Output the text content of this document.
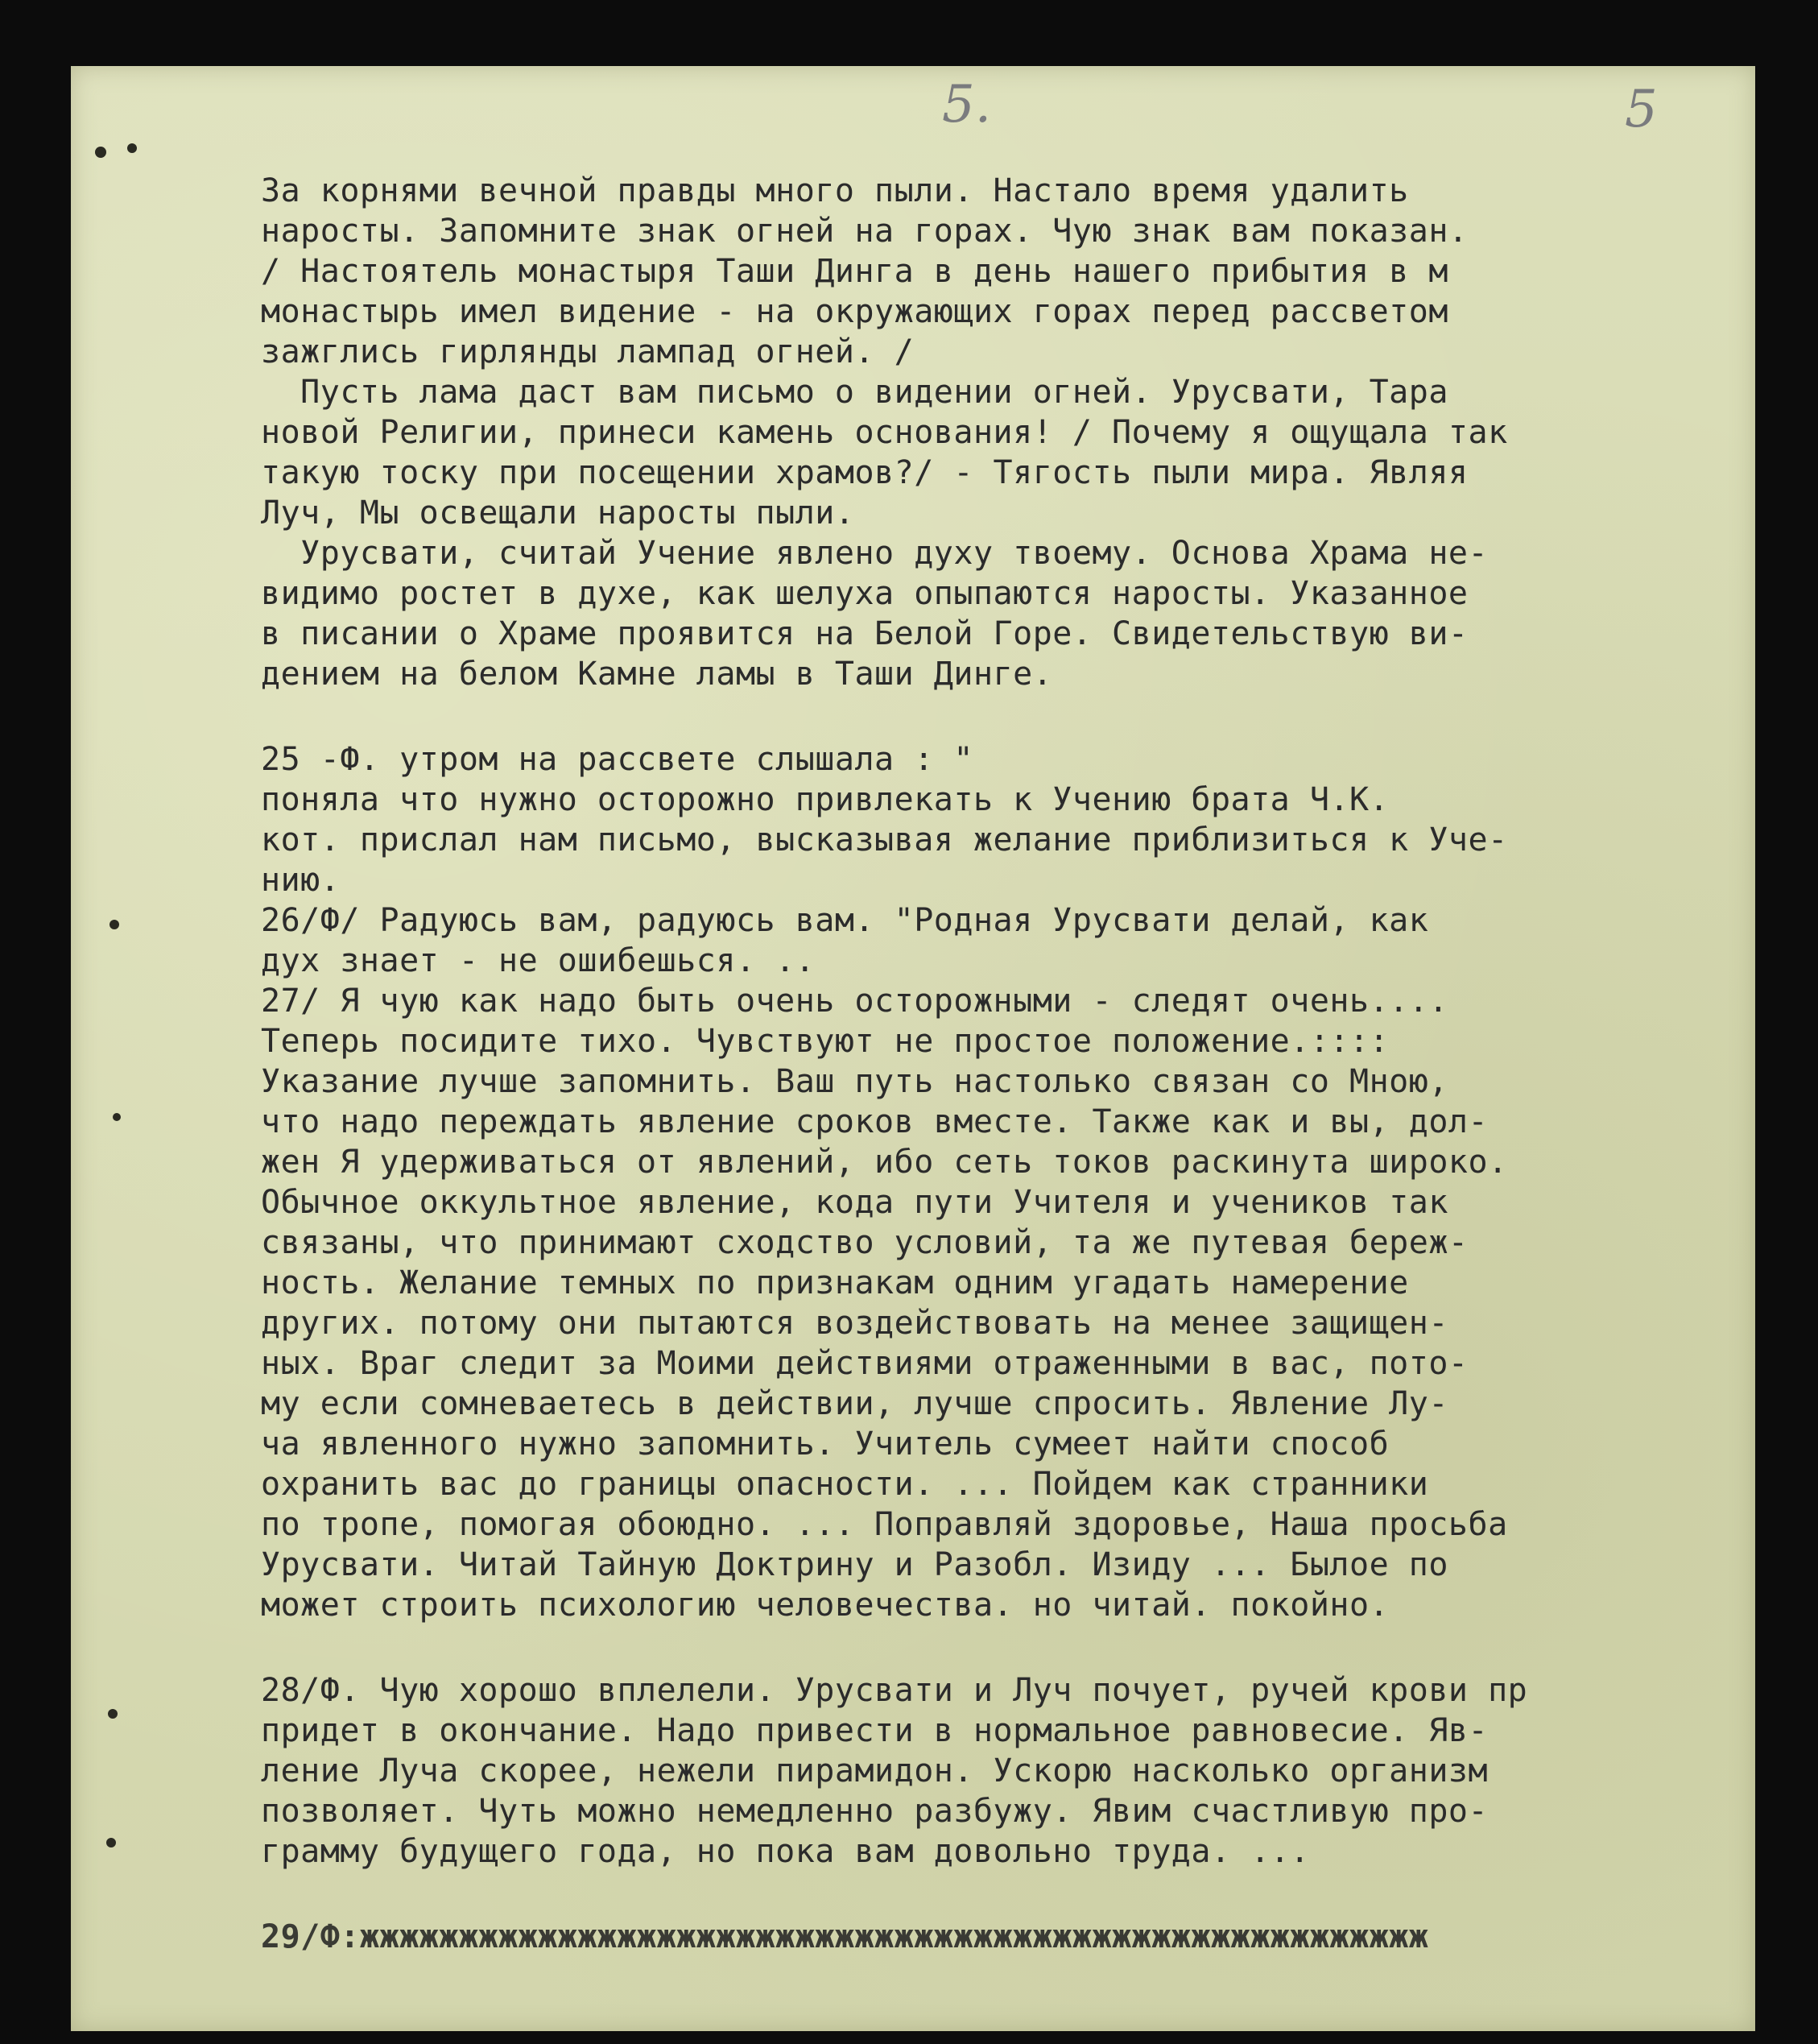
5.	5
За корнями вечной правды много пыли. Настало время удалить
наросты. Запомните знак огней на горах. Чую знак вам показан.
/ Настоятель монастыря Таши Динга в день нашего прибытия в м
монастырь имел видение - на окружающих горах перед рассветом
зажглись гирлянды лампад огней. /
Пусть лама даст вам письмо о видении огней. Урусвати, Тара
новой Религии, принеси камень основания! / Почему я ощущала так
такую тоску при посещении храмов?/ - Тягость пыли мира. Являя
Луч, Мы освещали наросты пыли.
Урусвати, считай Учение явлено духу твоему. Основа Храма не-
видимо ростет в духе, как шелуха опыпаются наросты. Указанное
в писании о Храме проявится на Белой Горе. Свидетельствую ви-
дением на белом Камне ламы в Таши Динге.
25 -Ф. утром на рассвете слышала : "
поняла что нужно осторожно привлекать к Учению брата Ч.К.
кот. прислал нам письмо, высказывая желание приблизиться к Уче-
нию.
26/Ф/ Радуюсь вам, радуюсь вам. "Родная Урусвати делай, как
дух знает - не ошибешься. ..
27/ Я чую как надо быть очень осторожными - следят очень....
Теперь посидите тихо. Чувствуют не простое положение.::::
Указание лучше запомнить. Ваш путь настолько связан со Мною,
что надо переждать явление сроков вместе. Также как и вы, дол-
жен Я удерживаться от явлений, ибо сеть токов раскинута широко.
Обычное оккультное явление, кода пути Учителя и учеников так
связаны, что принимают сходство условий, та же путевая береж-
ность. Желание темных по признакам одним угадать намерение
других. потому они пытаются воздействовать на менее защищен-
ных. Враг следит за Моими действиями отраженными в вас, пото-
му если сомневаетесь в действии, лучше спросить. Явление Лу-
ча явленного нужно запомнить. Учитель сумеет найти способ
охранить вас до границы опасности. ... Пойдем как странники
по тропе, помогая обоюдно. ... Поправляй здоровье, Наша просьба
Урусвати. Читай Тайную Доктрину и Разобл. Изиду ... Былое по
может строить психологию человечества. но читай. покойно.
28/Ф. Чую хорошо вплелели. Урусвати и Луч почует, ручей крови пр
придет в окончание. Надо привести в нормальное равновесие. Яв-
ление Луча скорее, нежели пирамидон. Ускорю насколько организм
позволяет. Чуть можно немедленно разбужу. Явим счастливую про-
грамму будущего года, но пока вам довольно труда. ...
29/Ф:жжжжжжжжжжжжжжжжжжжжжжжжжжжжжжжжжжжжжжжжжжжжжжжжжжжжжж
